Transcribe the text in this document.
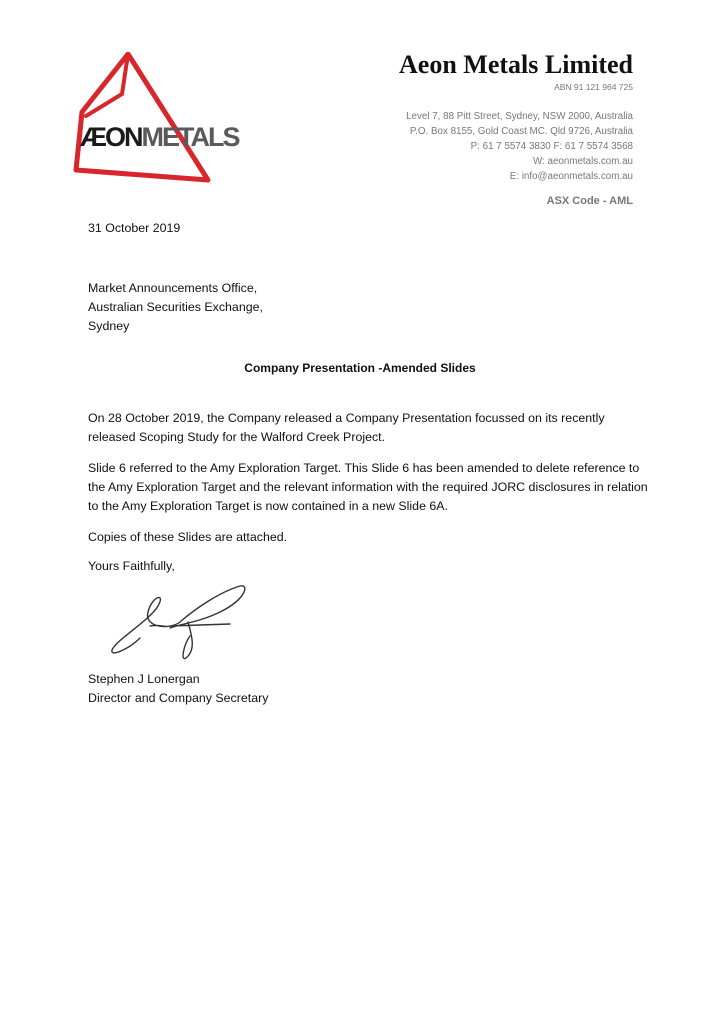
ÆONMETALS
Aeon Metals Limited
ABN 91 121 964 725
Level 7, 88 Pitt Street, Sydney, NSW 2000, Australia
P.O. Box 8155, Gold Coast MC. Qld 9726, Australia
P: 61 7 5574 3830 F: 61 7 5574 3568
W: aeonmetals.com.au
E: info@aeonmetals.com.au
ASX Code - AML
31 October 2019
Market Announcements Office,
Australian Securities Exchange,
Sydney
Company Presentation -Amended Slides
On 28 October 2019, the Company released a Company Presentation focussed on its recently released Scoping Study for the Walford Creek Project.
Slide 6 referred to the Amy Exploration Target. This Slide 6 has been amended to delete reference to the Amy Exploration Target and the relevant information with the required JORC disclosures in relation to the Amy Exploration Target is now contained in a new Slide 6A.
Copies of these Slides are attached.
Yours Faithfully,
Stephen J Lonergan
Director and Company Secretary
